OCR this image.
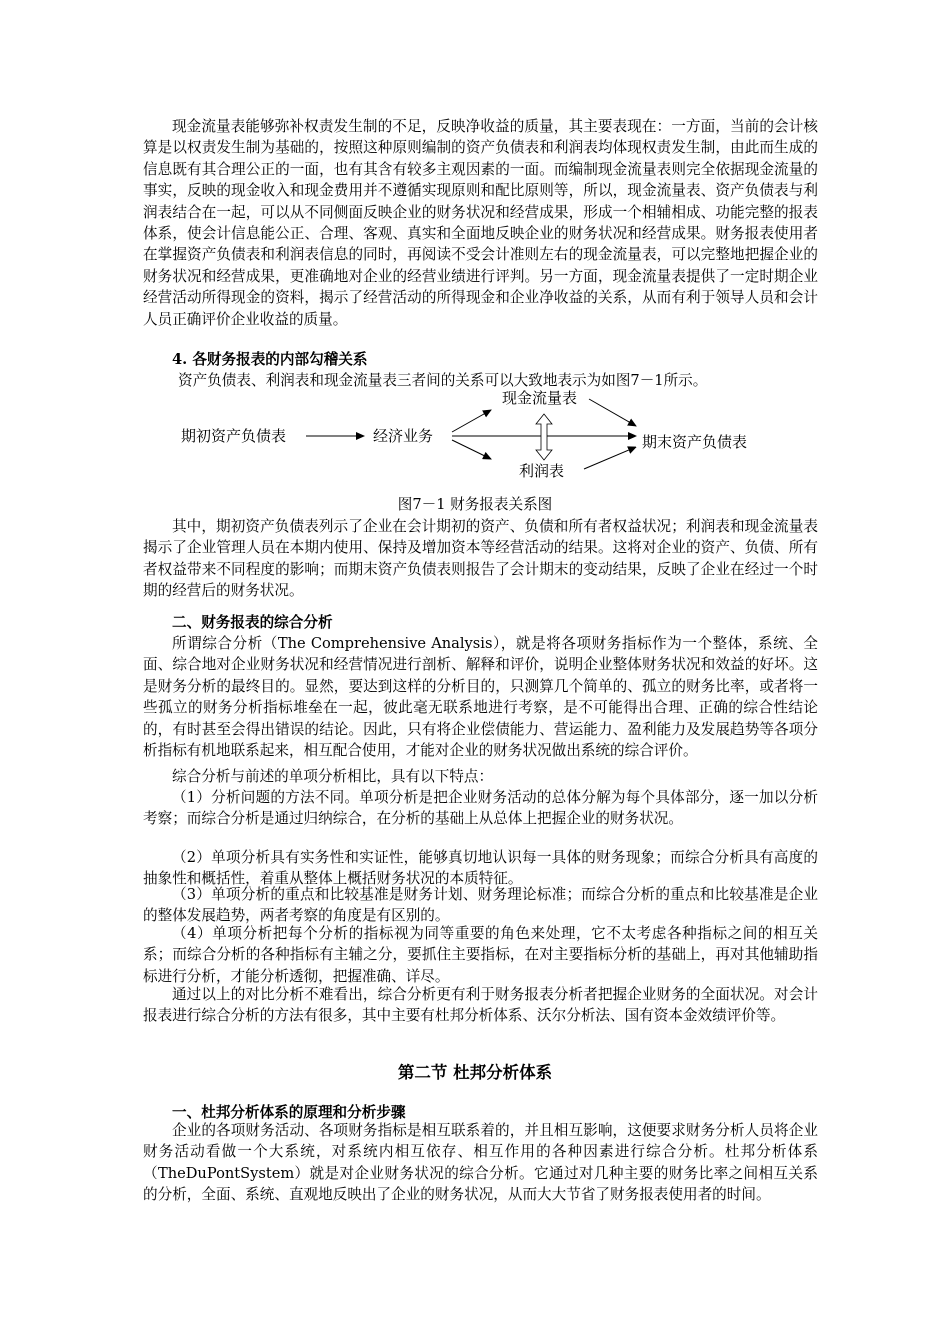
现金流量表能够弥补权责发生制的不足，反映净收益的质量，其主要表现在：一方面，当前的会计核算是以权责发生制为基础的，按照这种原则编制的资产负债表和利润表均体现权责发生制，由此而生成的信息既有其合理公正的一面，也有其含有较多主观因素的一面。而编制现金流量表则完全依据现金流量的事实，反映的现金收入和现金费用并不遵循实现原则和配比原则等，所以，现金流量表、资产负债表与利润表结合在一起，可以从不同侧面反映企业的财务状况和经营成果，形成一个相辅相成、功能完整的报表体系，使会计信息能公正、合理、客观、真实和全面地反映企业的财务状况和经营成果。财务报表使用者在掌握资产负债表和利润表信息的同时，再阅读不受会计准则左右的现金流量表，可以完整地把握企业的财务状况和经营成果，更准确地对企业的经营业绩进行评判。另一方面，现金流量表提供了一定时期企业经营活动所得现金的资料，揭示了经营活动的所得现金和企业净收益的关系，从而有利于领导人员和会计人员正确评价企业收益的质量。

4. 各财务报表的内部勾稽关系
资产负债表、利润表和现金流量表三者间的关系可以大致地表示为如图7－1所示。
期初资产负债表	经济业务
现金流量表
利润表
期末资产负债表
图7－1 财务报表关系图

其中，期初资产负债表列示了企业在会计期初的资产、负债和所有者权益状况；利润表和现金流量表揭示了企业管理人员在本期内使用、保持及增加资本等经营活动的结果。这将对企业的资产、负债、所有者权益带来不同程度的影响；而期末资产负债表则报告了会计期末的变动结果，反映了企业在经过一个时期的经营后的财务状况。

二、财务报表的综合分析

所谓综合分析（The Comprehensive Analysis），就是将各项财务指标作为一个整体，系统、全面、综合地对企业财务状况和经营情况进行剖析、解释和评价，说明企业整体财务状况和效益的好坏。这是财务分析的最终目的。显然，要达到这样的分析目的，只测算几个简单的、孤立的财务比率，或者将一些孤立的财务分析指标堆垒在一起，彼此毫无联系地进行考察，是不可能得出合理、正确的综合性结论的，有时甚至会得出错误的结论。因此，只有将企业偿债能力、营运能力、盈利能力及发展趋势等各项分析指标有机地联系起来，相互配合使用，才能对企业的财务状况做出系统的综合评价。

综合分析与前述的单项分析相比，具有以下特点：

（1）分析问题的方法不同。单项分析是把企业财务活动的总体分解为每个具体部分，逐一加以分析考察；而综合分析是通过归纳综合，在分析的基础上从总体上把握企业的财务状况。

（2）单项分析具有实务性和实证性，能够真切地认识每一具体的财务现象；而综合分析具有高度的抽象性和概括性，着重从整体上概括财务状况的本质特征。

（3）单项分析的重点和比较基准是财务计划、财务理论标准；而综合分析的重点和比较基准是企业的整体发展趋势，两者考察的角度是有区别的。

（4）单项分析把每个分析的指标视为同等重要的角色来处理，它不太考虑各种指标之间的相互关系；而综合分析的各种指标有主辅之分，要抓住主要指标，在对主要指标分析的基础上，再对其他辅助指标进行分析，才能分析透彻，把握准确、详尽。

通过以上的对比分析不难看出，综合分析更有利于财务报表分析者把握企业财务的全面状况。对会计报表进行综合分析的方法有很多，其中主要有杜邦分析体系、沃尔分析法、国有资本金效绩评价等。

第二节 杜邦分析体系
一、杜邦分析体系的原理和分析步骤

企业的各项财务活动、各项财务指标是相互联系着的，并且相互影响，这便要求财务分析人员将企业财务活动看做一个大系统，对系统内相互依存、相互作用的各种因素进行综合分析。杜邦分析体系（TheDuPontSystem）就是对企业财务状况的综合分析。它通过对几种主要的财务比率之间相互关系的分析，全面、系统、直观地反映出了企业的财务状况，从而大大节省了财务报表使用者的时间。
